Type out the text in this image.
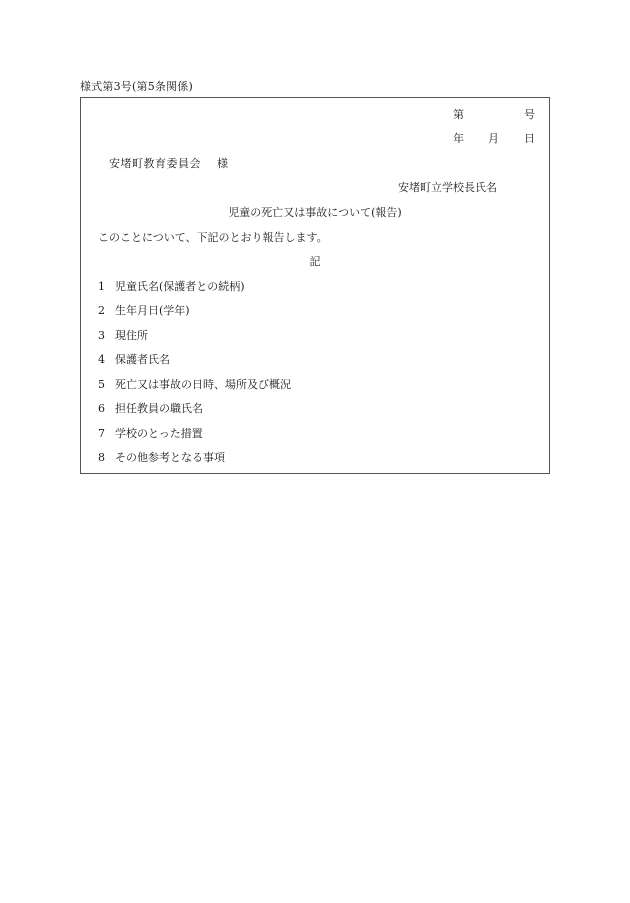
様式第3号(第5条関係)
第	号
年 月 日
安堵町教育委員会 様
安堵町立学校長氏名
児童の死亡又は事故について(報告)
このことについて、下記のとおり報告します。
記
1 児童氏名(保護者との続柄)
2 生年月日(学年)
3 現住所
4 保護者氏名
5 死亡又は事故の日時、場所及び概況
6 担任教員の職氏名
7 学校のとった措置
8 その他参考となる事項
